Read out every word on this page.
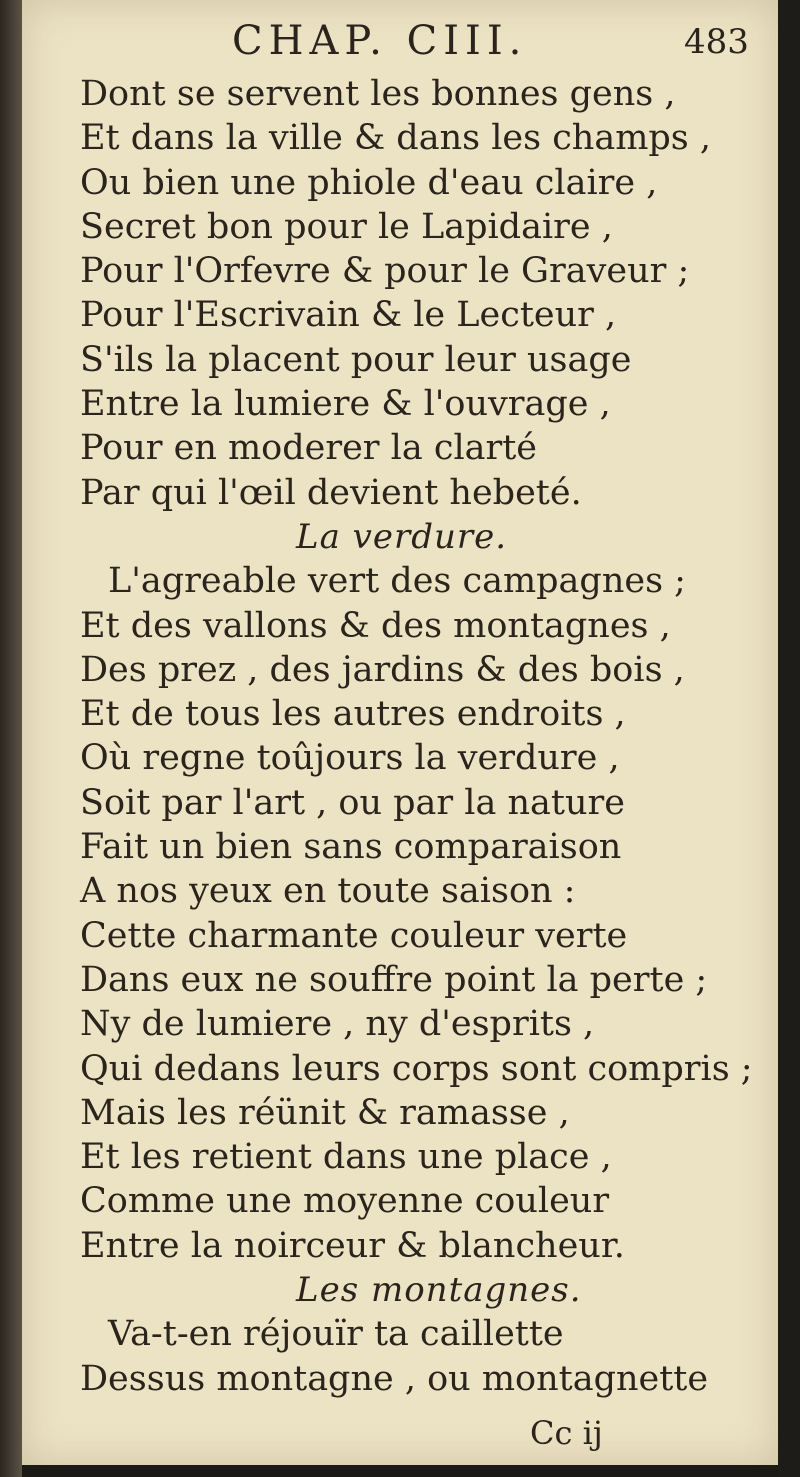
CHAP. CIII.	483

Dont se servent les bonnes gens ,

Et dans la ville & dans les champs ,

Ou bien une phiole d'eau claire ,

Secret bon pour le Lapidaire ,

Pour l'Orfevre & pour le Graveur ;

Pour l'Escrivain & le Lecteur ,

S'ils la placent pour leur usage

Entre la lumiere & l'ouvrage ,

Pour en moderer la clarté

Par qui l'œil devient hebeté.

La verdure.

L'agreable vert des campagnes ;

Et des vallons & des montagnes ,

Des prez , des jardins & des bois ,

Et de tous les autres endroits ,

Où regne toûjours la verdure ,

Soit par l'art , ou par la nature

Fait un bien sans comparaison

A nos yeux en toute saison :

Cette charmante couleur verte

Dans eux ne souffre point la perte ;

Ny de lumiere , ny d'esprits ,

Qui dedans leurs corps sont compris ;

Mais les réünit & ramasse ,

Et les retient dans une place ,

Comme une moyenne couleur

Entre la noirceur & blancheur.

Les montagnes.

Va-t-en réjouïr ta caillette

Dessus montagne , ou montagnette

Cc ij
